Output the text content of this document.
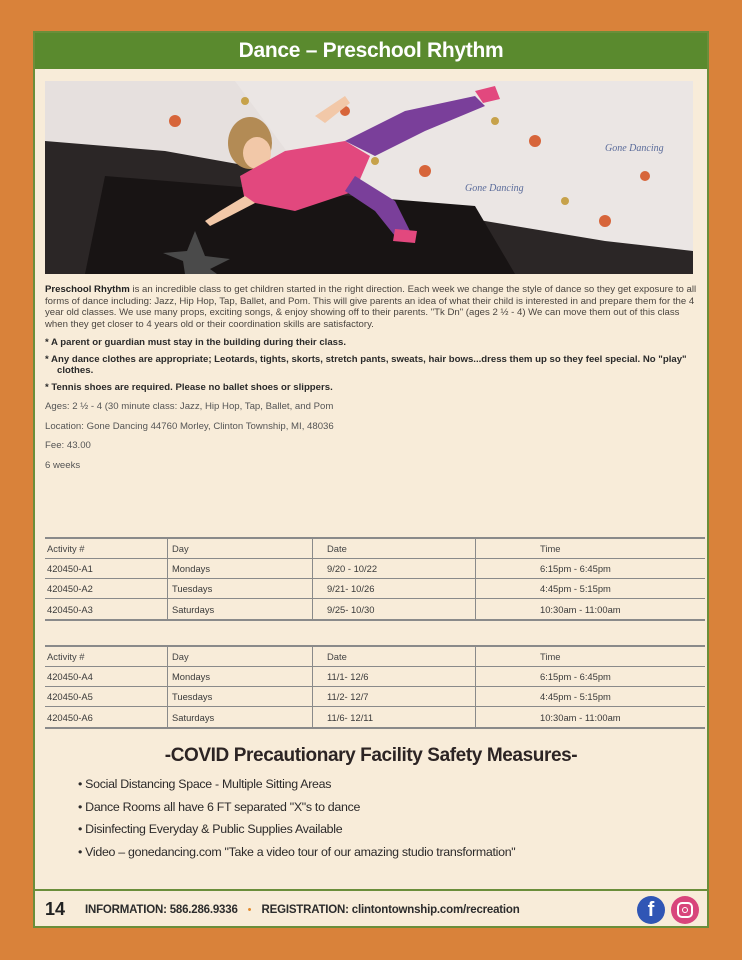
Dance – Preschool Rhythm
Gone Dancing
Gone Dancing

Preschool Rhythm is an incredible class to get children started in the right direction. Each week we change the style of dance so they get exposure to all forms of dance including: Jazz, Hip Hop, Tap, Ballet, and Pom. This will give parents an idea of what their child is interested in and prepare them for the 4 year old classes. We use many props, exciting songs, & enjoy showing off to their parents. "Tk Dn" (ages 2 ½ - 4) We can move them out of this class when they get closer to 4 years old or their coordination skills are satisfactory.

* A parent or guardian must stay in the building during their class.
* Any dance clothes are appropriate; Leotards, tights, skorts, stretch pants, sweats, hair bows...dress them up so they feel special. No "play" clothes.
* Tennis shoes are required. Please no ballet shoes or slippers.
Ages: 2 ½ - 4 (30 minute class: Jazz, Hip Hop, Tap, Ballet, and Pom
Location: Gone Dancing 44760 Morley, Clinton Township, MI, 48036
Fee: 43.00
6 weeks
Activity #	Day	Date	Time
420450-A1	Mondays	9/20 - 10/22	6:15pm - 6:45pm
420450-A2	Tuesdays	9/21- 10/26	4:45pm - 5:15pm
420450-A3	Saturdays	9/25- 10/30	10:30am - 11:00am
Activity #	Day	Date	Time
420450-A4	Mondays	11/1- 12/6	6:15pm - 6:45pm
420450-A5	Tuesdays	11/2- 12/7	4:45pm - 5:15pm
420450-A6	Saturdays	11/6- 12/11	10:30am - 11:00am
-COVID Precautionary Facility Safety Measures-
• Social Distancing Space - Multiple Sitting Areas
• Dance Rooms all have 6 FT separated "X"s to dance
• Disinfecting Everyday & Public Supplies Available
• Video – gonedancing.com "Take a video tour of our amazing studio transformation"
14	INFORMATION: 586.286.9336 • REGISTRATION: clintontownship.com/recreation	f
